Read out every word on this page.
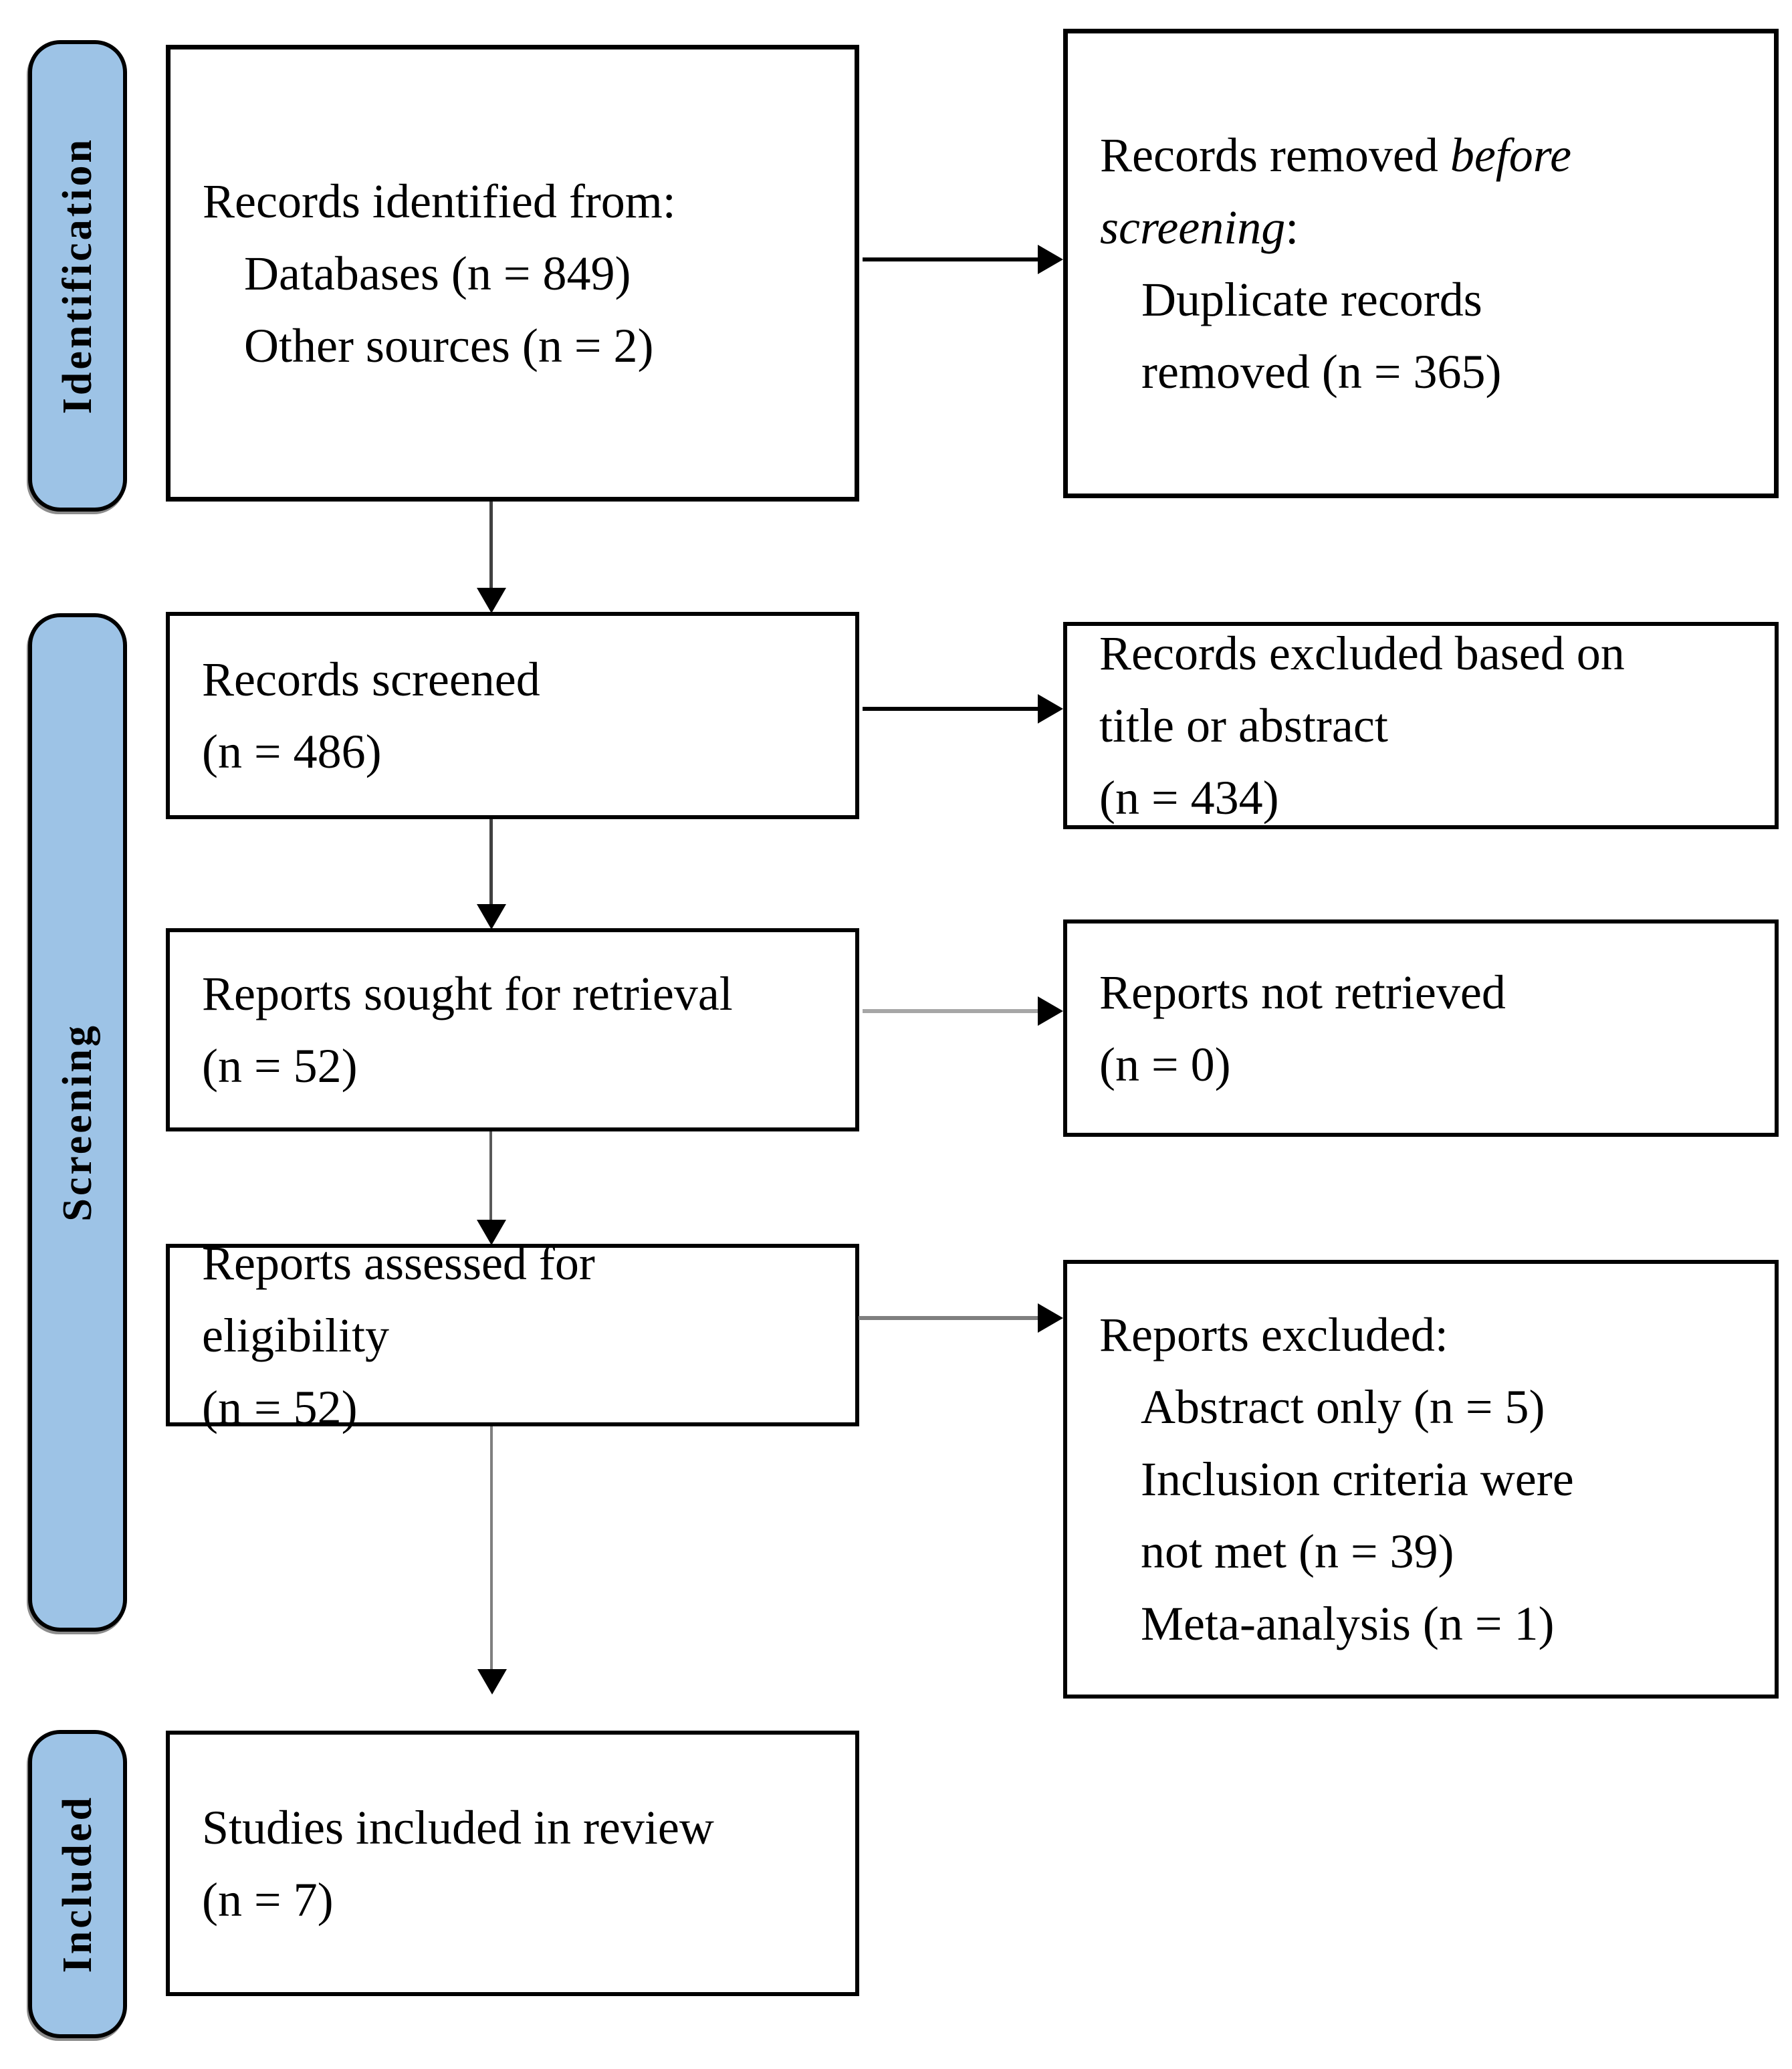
Identification
Screening
Included
Records identified from:
Databases (n = 849)
Other sources (n = 2)
Records removed before
screening:
Duplicate records
removed (n = 365)
Records screened
(n = 486)
Records excluded based on
title or abstract
(n = 434)
Reports sought for retrieval
(n = 52)
Reports not retrieved
(n = 0)
Reports assessed for
eligibility
(n = 52)
Reports excluded:
Abstract only (n = 5)
Inclusion criteria were
not met (n = 39)
Meta-analysis (n = 1)
Studies included in review
(n = 7)
